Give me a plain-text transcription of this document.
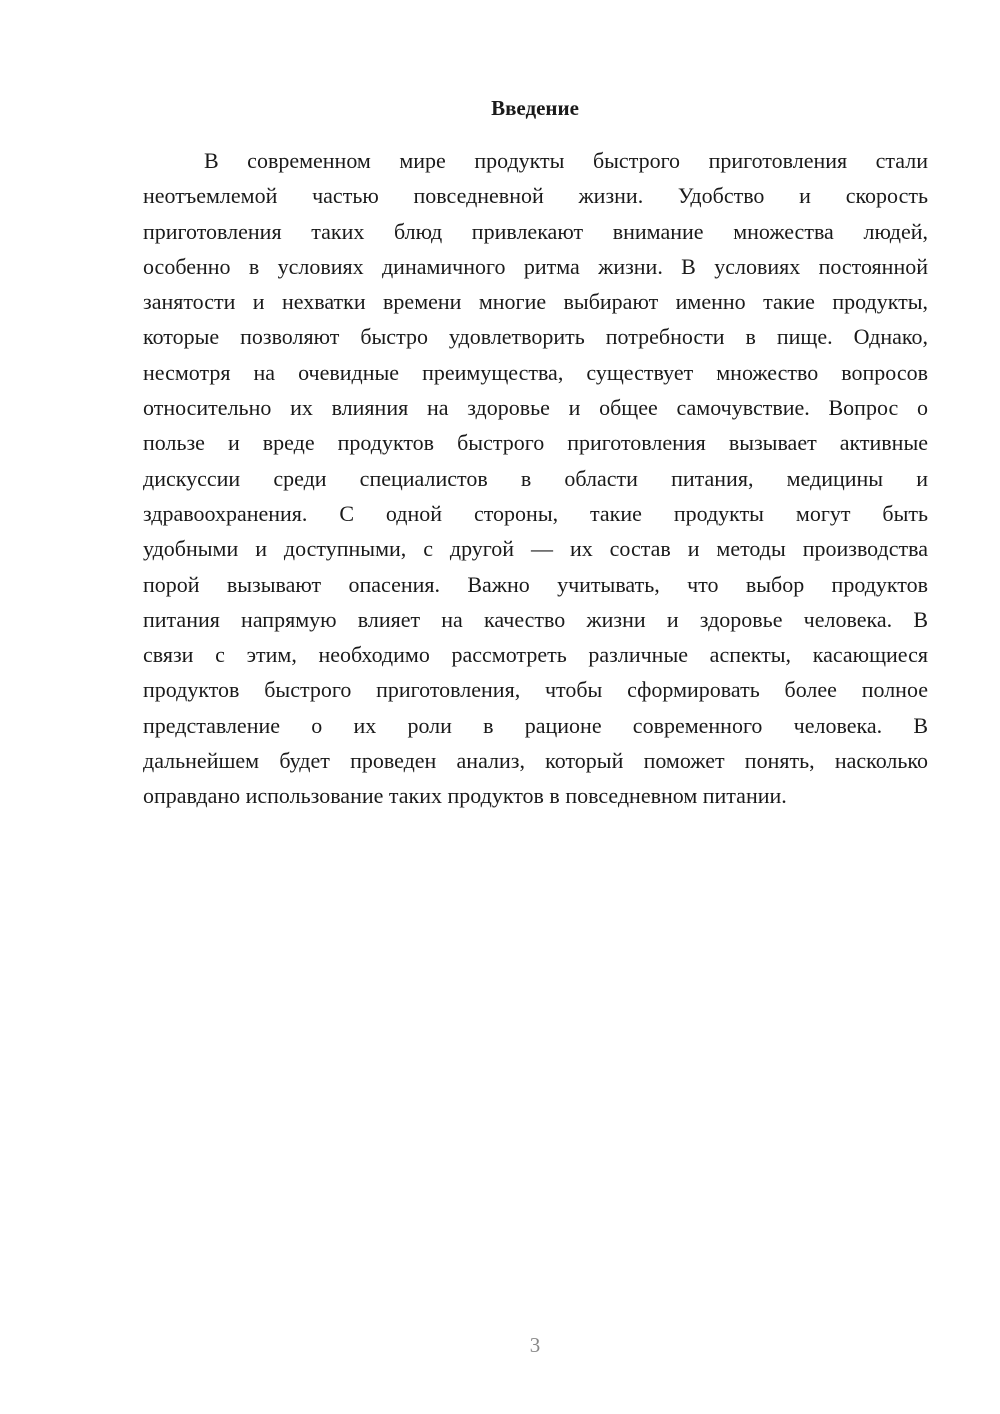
Введение
В современном мире продукты быстрого приготовления стали
неотъемлемой частью повседневной жизни. Удобство и скорость
приготовления таких блюд привлекают внимание множества людей,
особенно в условиях динамичного ритма жизни. В условиях постоянной
занятости и нехватки времени многие выбирают именно такие продукты,
которые позволяют быстро удовлетворить потребности в пище. Однако,
несмотря на очевидные преимущества, существует множество вопросов
относительно их влияния на здоровье и общее самочувствие. Вопрос о
пользе и вреде продуктов быстрого приготовления вызывает активные
дискуссии среди специалистов в области питания, медицины и
здравоохранения. С одной стороны, такие продукты могут быть
удобными и доступными, с другой — их состав и методы производства
порой вызывают опасения. Важно учитывать, что выбор продуктов
питания напрямую влияет на качество жизни и здоровье человека. В
связи с этим, необходимо рассмотреть различные аспекты, касающиеся
продуктов быстрого приготовления, чтобы сформировать более полное
представление о их роли в рационе современного человека. В
дальнейшем будет проведен анализ, который поможет понять, насколько
оправдано использование таких продуктов в повседневном питании.
3
